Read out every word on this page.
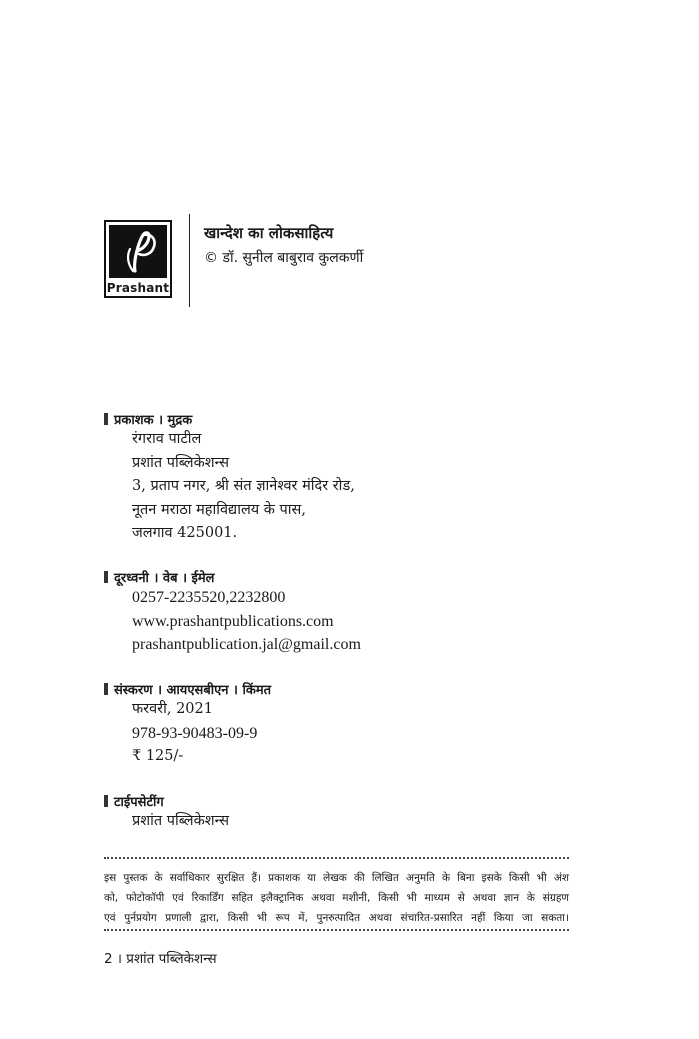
Prashant
खान्देश का लोकसाहित्य
© डॉ. सुनील बाबुराव कुलकर्णी
प्रकाशक । मुद्रक
रंगराव पाटील
प्रशांत पब्लिकेशन्स
3, प्रताप नगर, श्री संत ज्ञानेश्वर मंदिर रोड,
नूतन मराठा महाविद्यालय के पास,
जलगाव 425001.
दूरध्वनी । वेब । ईमेल
0257-2235520,2232800
www.prashantpublications.com
prashantpublication.jal@gmail.com
संस्करण । आयएसबीएन । किंमत
फरवरी, 2021
978-93-90483-09-9
₹ 125/-
टाईपसेटींग
प्रशांत पब्लिकेशन्स
इस पुस्तक के सर्वाधिकार सुरक्षित हैं। प्रकाशक या लेखक की लिखित अनुमति के बिना इसके किसी भी अंश
को, फोटोकॉपी एवं रिकार्डिंग सहित इलैक्ट्रानिक अथवा मशीनी, किसी भी माध्यम से अथवा ज्ञान के संग्रहण
एवं पुर्नप्रयोग प्रणाली द्वारा, किसी भी रूप में, पुनरुत्पादित अथवा संचारित-प्रसारित नहीं किया जा सकता।
2 । प्रशांत पब्लिकेशन्स
